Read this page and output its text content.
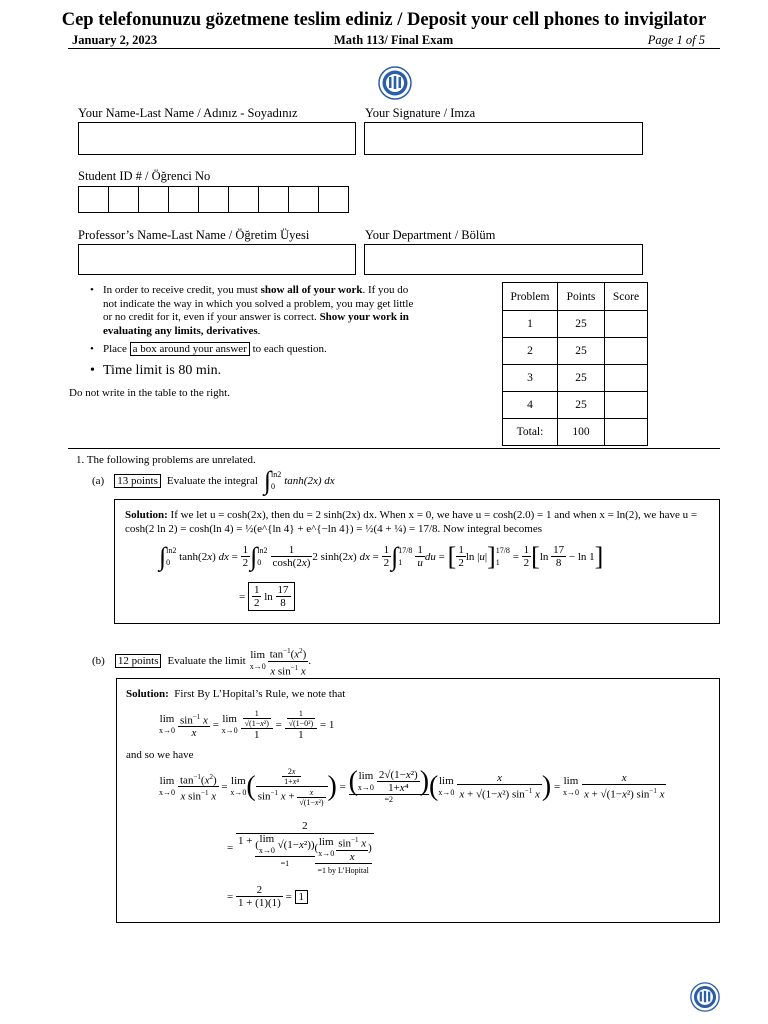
Cep telefonunuzu gözetmene teslim ediniz / Deposit your cell phones to invigilator
January 2, 2023	Math 113/ Final Exam	Page 1 of 5
Your Name-Last Name / Adınız - Soyadınız	Your Signature / Imza
Student ID # / Öğrenci No
Professor’s Name-Last Name / Öğretim Üyesi	Your Department / Bölüm
• In order to receive credit, you must show all of your work. If you do not indicate the way in which you solved a problem, you may get little or no credit for it, even if your answer is correct. Show your work in evaluating any limits, derivatives.
• Place a box around your answer to each question.
• Time limit is 80 min.
Do not write in the table to the right.
Problem	Points	Score
1	25	
2	25	
3	25	
4	25	
Total:	100	
1. The following problems are unrelated.
(a) 13 points Evaluate the integral ∫ ln2
0 tanh(2x) dx
Solution: If we let u = cosh(2x), then du = 2 sinh(2x) dx. When x = 0, we have u = cosh(2.0) = 1 and when x = ln(2), we have u = cosh(2 ln 2) = cosh(ln 4) = ½(e^{ln 4} + e^{−ln 4}) = ½(4 + ¼) = 17/8. Now integral becomes
∫ ln2
0 tanh(2x) dx = $\frac{1}{2}$ ∫ ln2
$0 \frac{1}{\cosh(2x)} 2$ sinh(2x) dx = $\frac{1}{2}$ ∫ 17/8
1	$\frac{1}{u}$ du = [ $\frac{1}{2}$ ln |u| ] 17/8
$1 = \frac{1}{2}$ [ $\ln \frac{17}{8} - \ln 1$ ]
= $\frac{1}{2}$ $\ln \frac{17}{8}$
(b) 12 points Evaluate the limit lim
$x\to 0 \frac{\tan^{-1}(x^2)}{x \sin^{-1} x}$ .
Solution: First By L’Hopital’s Rule, we note that
lim
$x\to 0 \frac{\sin^{-1} x}{x} = \lim$
$x\to 0 \frac{\frac{1}{\text{√(1−x²)}}}{1} = \frac{\frac{1}{\text{√(1−0²)}}}{1} = 1$
and so we have
lim
$x\to 0 \frac{\tan^{-1}(x^2)}{x \sin^{-1} x} = \lim$
x→0 ( $\frac{\frac{2x}{\text{1+x⁴}}}{\sin^{-1} x + \frac{x}{\text{√(1−x²)}}}$ ) = ( lim
$x\to 0 \frac{\text{2√(1−x²)}}{\text{1+x⁴}}$ )
=2 ( lim
$x\to 0 \frac{x}{x + √(1-x^2) \sin^{-1} x}$ ) = lim
$x\to 0 \frac{x}{x + √(1-x^2) \sin^{-1} x}$
=
2
1 + ( lim
x→0 √(1−x²) )
=1
( lim
$x\to 0 \frac{\sin^{-1} x}{x}$ )
=1 by L’Hopital
= $\frac{2}{1 + (1)(1)} = 1$
